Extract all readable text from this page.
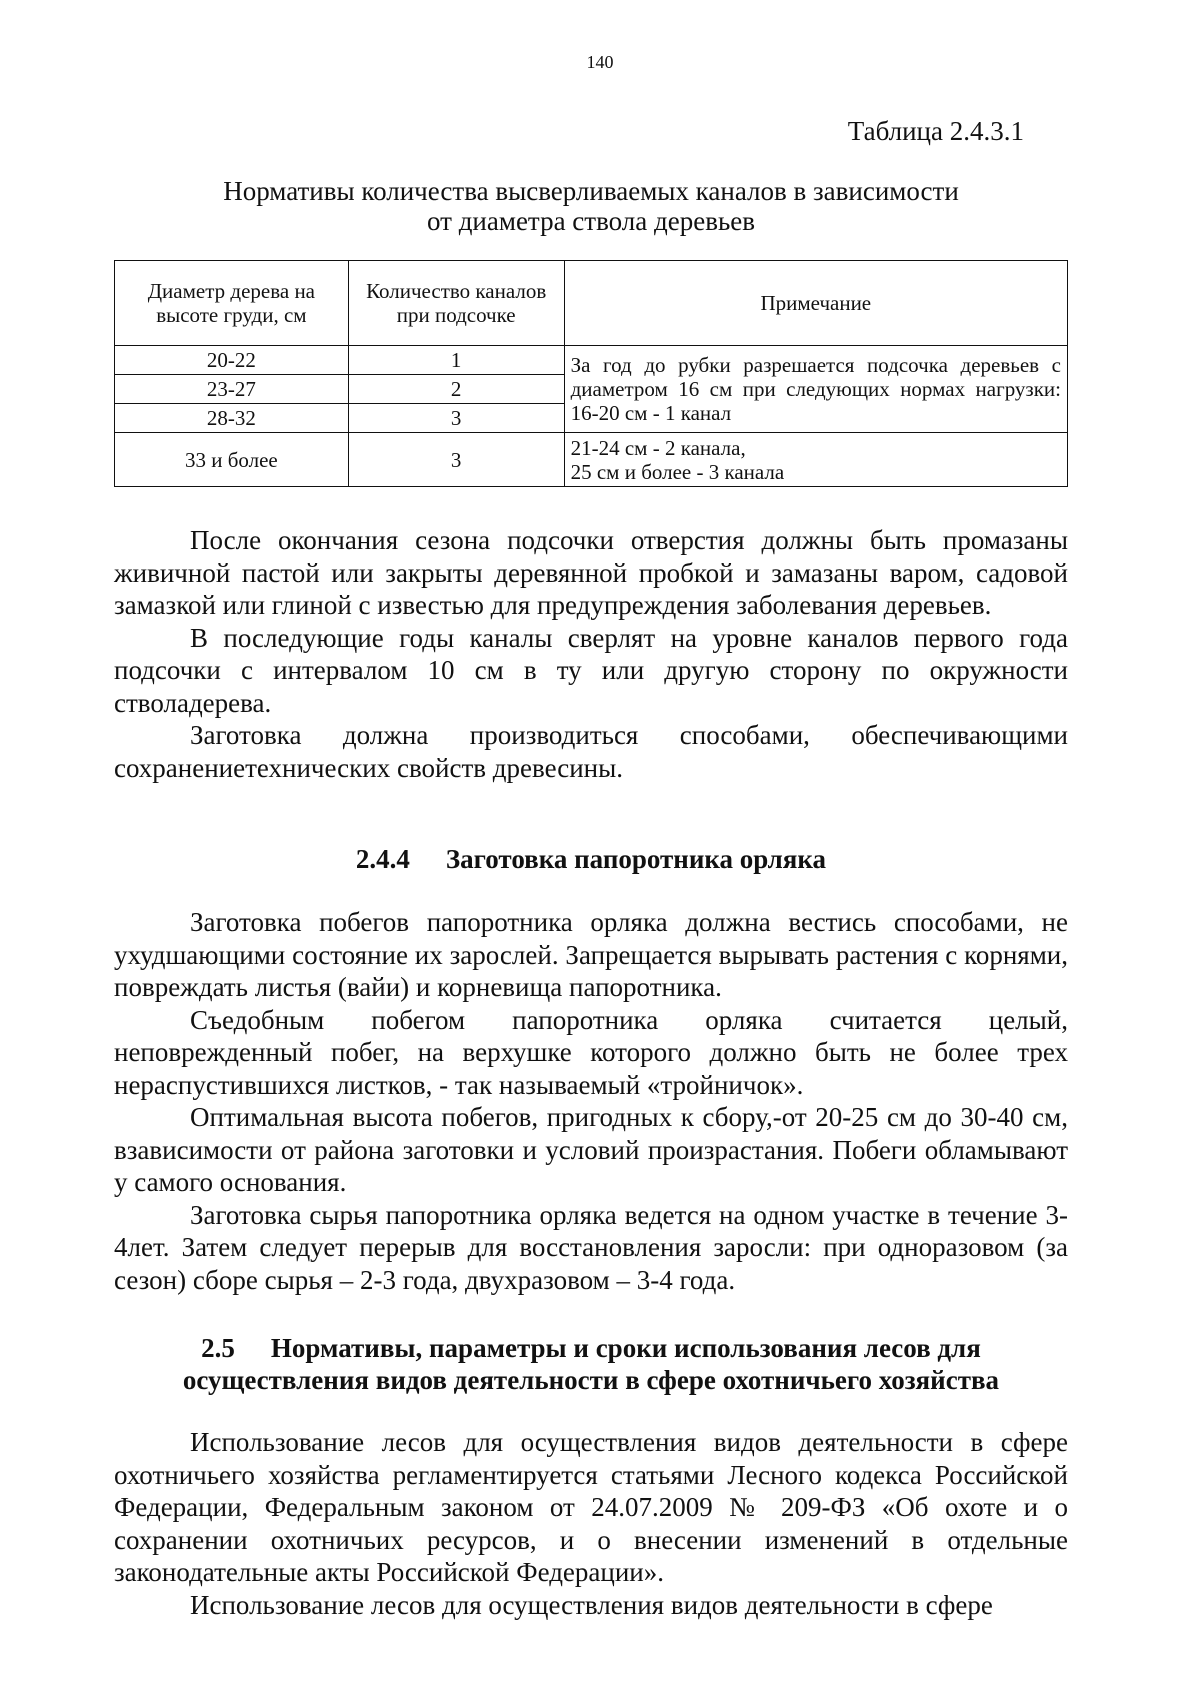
140
Таблица 2.4.3.1
Нормативы количества высверливаемых каналов в зависимости
от диаметра ствола деревьев
Диаметр дерева на высоте груди, см	Количество каналов при подсочке	Примечание
20-22	1	За год до рубки разрешается подсочка деревьев с диаметром 16 см при следующих нормах нагрузки: 16-20 см - 1 канал
23-27	2	
28-32	3	
33 и более	3	21-24 см - 2 канала,
25 см и более - 3 канала

После окончания сезона подсочки отверстия должны быть промазаны живичной пастой или закрыты деревянной пробкой и замазаны варом, садовой замазкой или глиной с известью для предупреждения заболевания деревьев.

В последующие годы каналы сверлят на уровне каналов первого года подсочки с интервалом 10 см в ту или другую сторону по окружности стволадерева.

Заготовка должна производиться способами, обеспечивающими сохранениетехнических свойств древесины.

2.4.4 Заготовка папоротника орляка

Заготовка побегов папоротника орляка должна вестись способами, не ухудшающими состояние их зарослей. Запрещается вырывать растения с корнями, повреждать листья (вайи) и корневища папоротника.

Съедобным побегом папоротника орляка считается целый, неповрежденный побег, на верхушке которого должно быть не более трех нераспустившихся листков, - так называемый «тройничок».

Оптимальная высота побегов, пригодных к сбору,-от 20-25 см до 30-40 см, взависимости от района заготовки и условий произрастания. Побеги обламывают у самого основания.

Заготовка сырья папоротника орляка ведется на одном участке в течение 3-4лет. Затем следует перерыв для восстановления заросли: при одноразовом (за сезон) сборе сырья – 2-3 года, двухразовом – 3-4 года.

2.5 Нормативы, параметры и сроки использования лесов для
осуществления видов деятельности в сфере охотничьего хозяйства

Использование лесов для осуществления видов деятельности в сфере охотничьего хозяйства регламентируется статьями Лесного кодекса Российской Федерации, Федеральным законом от 24.07.2009 № 209-ФЗ «Об охоте и о сохранении охотничьих ресурсов, и о внесении изменений в отдельные законодательные акты Российской Федерации».

Использование лесов для осуществления видов деятельности в сфере
